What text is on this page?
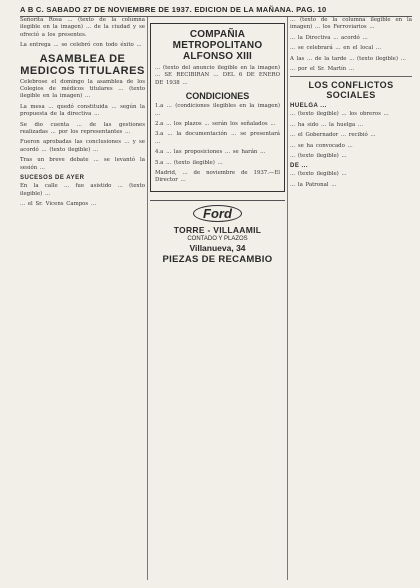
A B C. SABADO 27 DE NOVIEMBRE DE 1937. EDICION DE LA MAÑANA. PAG. 10

Señorita Rosa ... (texto de la columna ilegible en la imagen) ... de la ciudad y se ofreció a los presentes.

La entrega ... se celebró con todo éxito ...

ASAMBLEA DE MEDICOS TITULARES

Celebrose el domingo la asamblea de los Colegios de médicos titulares ... (texto ilegible en la imagen) ...

La mesa ... quedó constituida ... según la propuesta de la directiva ...

Se dio cuenta ... de las gestiones realizadas ... por los representantes ...

Fueron aprobadas las conclusiones ... y se acordó ... (texto ilegible) ...

Tras un breve debate ... se levantó la sesión ...

SUCESOS DE AYER

En la calle ... fue asistido ... (texto ilegible) ...

... el Sr. Vicens Campos ...

COMPAÑIA METROPOLITANO ALFONSO XIII

... (texto del anuncio ilegible en la imagen) ... SE RECIBIRAN ... DEL 6 DE ENERO DE 1938 ...

CONDICIONES

1.a ... (condiciones ilegibles en la imagen) ...

2.a ... los plazos ... serán los señalados ...

3.a ... la documentación ... se presentará ...

4.a ... las proposiciones ... se harán ...

5.a ... (texto ilegible) ...

Madrid, ... de noviembre de 1937.—El Director ...

Ford
TORRE - VILLAAMIL
CONTADO Y PLAZOS
Villanueva, 34
PIEZAS DE RECAMBIO

... (texto de la columna ilegible en la imagen) ... los Ferroviarios ...

... la Directiva ... acordó ...

... se celebrará ... en el local ...

A las ... de la tarde ... (texto ilegible) ...

... por el Sr. Martín ...

LOS CONFLICTOS SOCIALES
HUELGA ...

... (texto ilegible) ... los obreros ...

... ha sido ... la huelga ...

... el Gobernador ... recibió ...

... se ha convocado ...

... (texto ilegible) ...

DE ...

... (texto ilegible) ...

... la Patronal ...
